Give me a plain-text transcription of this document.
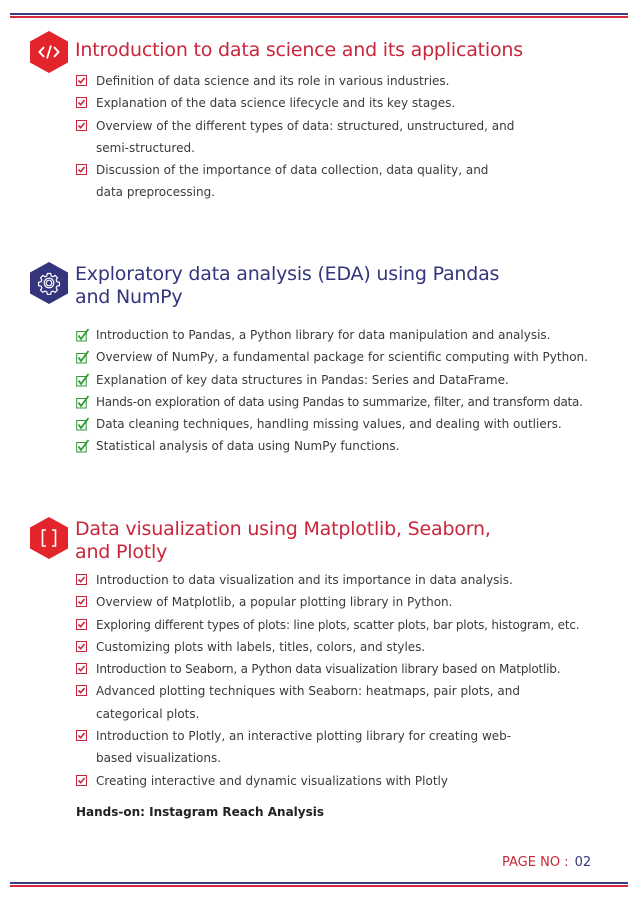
Introduction to data science and its applications
Definition of data science and its role in various industries.
Explanation of the data science lifecycle and its key stages.
Overview of the different types of data: structured, unstructured, and semi-structured.
Discussion of the importance of data collection, data quality, and data preprocessing.
Exploratory data analysis (EDA) using Pandas
and NumPy
Introduction to Pandas, a Python library for data manipulation and analysis.
Overview of NumPy, a fundamental package for scientific computing with Python.
Explanation of key data structures in Pandas: Series and DataFrame.
Hands-on exploration of data using Pandas to summarize, filter, and transform data.
Data cleaning techniques, handling missing values, and dealing with outliers.
Statistical analysis of data using NumPy functions.
Data visualization using Matplotlib, Seaborn,
and Plotly
Introduction to data visualization and its importance in data analysis.
Overview of Matplotlib, a popular plotting library in Python.
Exploring different types of plots: line plots, scatter plots, bar plots, histogram, etc.
Customizing plots with labels, titles, colors, and styles.
Introduction to Seaborn, a Python data visualization library based on Matplotlib.
Advanced plotting techniques with Seaborn: heatmaps, pair plots, and categorical plots.
Introduction to Plotly, an interactive plotting library for creating web-based visualizations.
Creating interactive and dynamic visualizations with Plotly
Hands-on: Instagram Reach Analysis
PAGE NO : 02
